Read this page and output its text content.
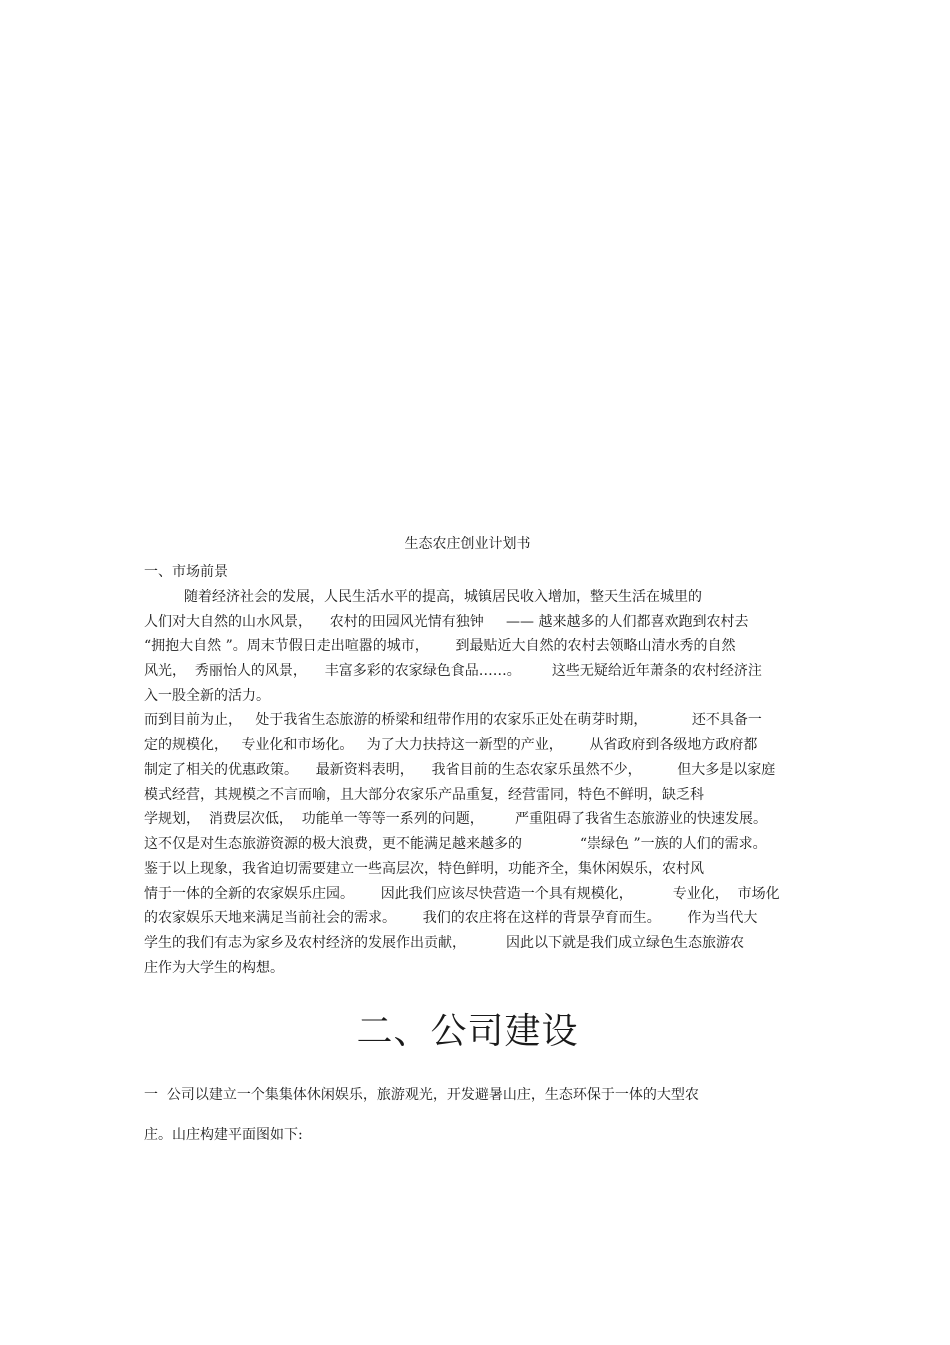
生态农庄创业计划书
一、市场前景
随着经济社会的发展，人民生活水平的提高，城镇居民收入增加，整天生活在城里的
人们对大自然的山水风景，    农村的田园风光情有独钟     —— 越来越多的人们都喜欢跑到农村去
“拥抱大自然 ”。周末节假日走出喧嚣的城市，      到最贴近大自然的农村去领略山清水秀的自然
风光，  秀丽怡人的风景，    丰富多彩的农家绿色食品……。       这些无疑给近年萧条的农村经济注
入一股全新的活力。
而到目前为止，   处于我省生态旅游的桥梁和纽带作用的农家乐正处在萌芽时期，          还不具备一
定的规模化，   专业化和市场化。   为了大力扶持这一新型的产业，      从省政府到各级地方政府都
制定了相关的优惠政策。    最新资料表明，    我省目前的生态农家乐虽然不少，        但大多是以家庭
模式经营，其规模之不言而喻，且大部分农家乐产品重复，经营雷同，特色不鲜明，缺乏科
学规划，  消费层次低，  功能单一等等一系列的问题，       严重阻碍了我省生态旅游业的快速发展。
这不仅是对生态旅游资源的极大浪费，更不能满足越来越多的             “崇绿色 ”一族的人们的需求。
鉴于以上现象，我省迫切需要建立一些高层次，特色鲜明，功能齐全，集休闲娱乐，农村风
情于一体的全新的农家娱乐庄园。      因此我们应该尽快营造一个具有规模化，         专业化，  市场化
的农家娱乐天地来满足当前社会的需求。      我们的农庄将在这样的背景孕育而生。      作为当代大
学生的我们有志为家乡及农村经济的发展作出贡献，         因此以下就是我们成立绿色生态旅游农
庄作为大学生的构想。
二、公司建设
一  公司以建立一个集集体休闲娱乐，旅游观光，开发避暑山庄，生态环保于一体的大型农
庄。山庄构建平面图如下:
